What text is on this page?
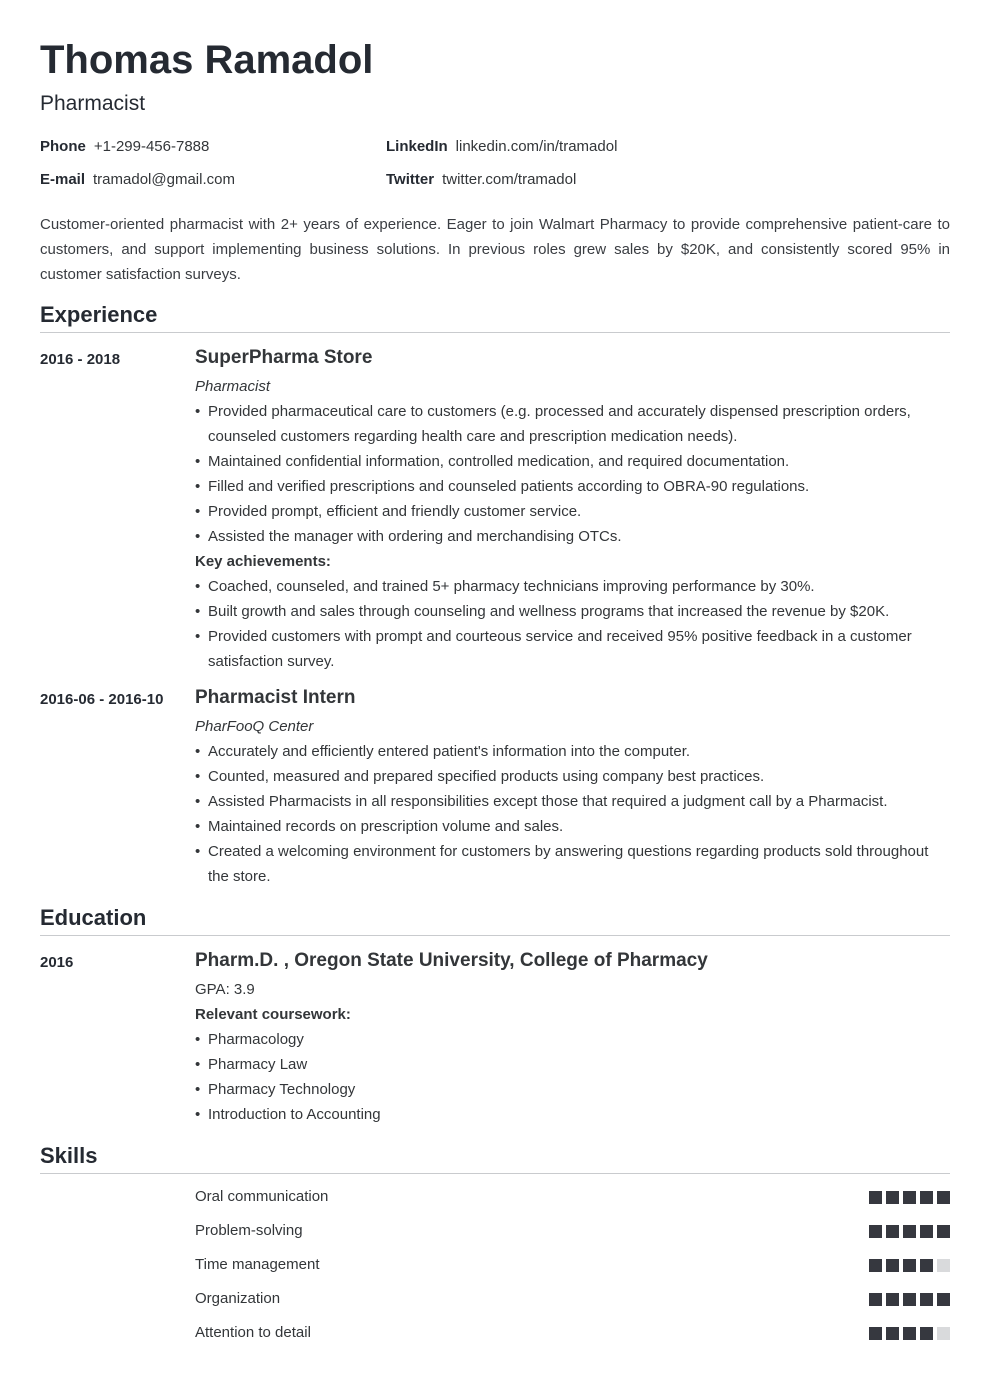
Thomas Ramadol
Pharmacist
Phone +1-299-456-7888	LinkedIn linkedin.com/in/tramadol
E-mail tramadol@gmail.com	Twitter twitter.com/tramadol

Customer-oriented pharmacist with 2+ years of experience. Eager to join Walmart Pharmacy to provide comprehensive patient-care to customers, and support implementing business solutions. In previous roles grew sales by $20K, and consistently scored 95% in customer satisfaction surveys.

Experience
2016 - 2018	SuperPharma Store
Pharmacist
• Provided pharmaceutical care to customers (e.g. processed and accurately dispensed prescription orders, counseled customers regarding health care and prescription medication needs).
• Maintained confidential information, controlled medication, and required documentation.
• Filled and verified prescriptions and counseled patients according to OBRA-90 regulations.
• Provided prompt, efficient and friendly customer service.
• Assisted the manager with ordering and merchandising OTCs.
Key achievements:
• Coached, counseled, and trained 5+ pharmacy technicians improving performance by 30%.
• Built growth and sales through counseling and wellness programs that increased the revenue by $20K.
• Provided customers with prompt and courteous service and received 95% positive feedback in a customer satisfaction survey.
2016-06 - 2016-10 Pharmacist Intern
PharFooQ Center
• Accurately and efficiently entered patient's information into the computer.
• Counted, measured and prepared specified products using company best practices.
• Assisted Pharmacists in all responsibilities except those that required a judgment call by a Pharmacist.
• Maintained records on prescription volume and sales.
• Created a welcoming environment for customers by answering questions regarding products sold throughout the store.
Education
2016	Pharm.D. , Oregon State University, College of Pharmacy
GPA: 3.9
Relevant coursework:
• Pharmacology
• Pharmacy Law
• Pharmacy Technology
• Introduction to Accounting
Skills
Oral communication
Problem-solving
Time management
Organization
Attention to detail
